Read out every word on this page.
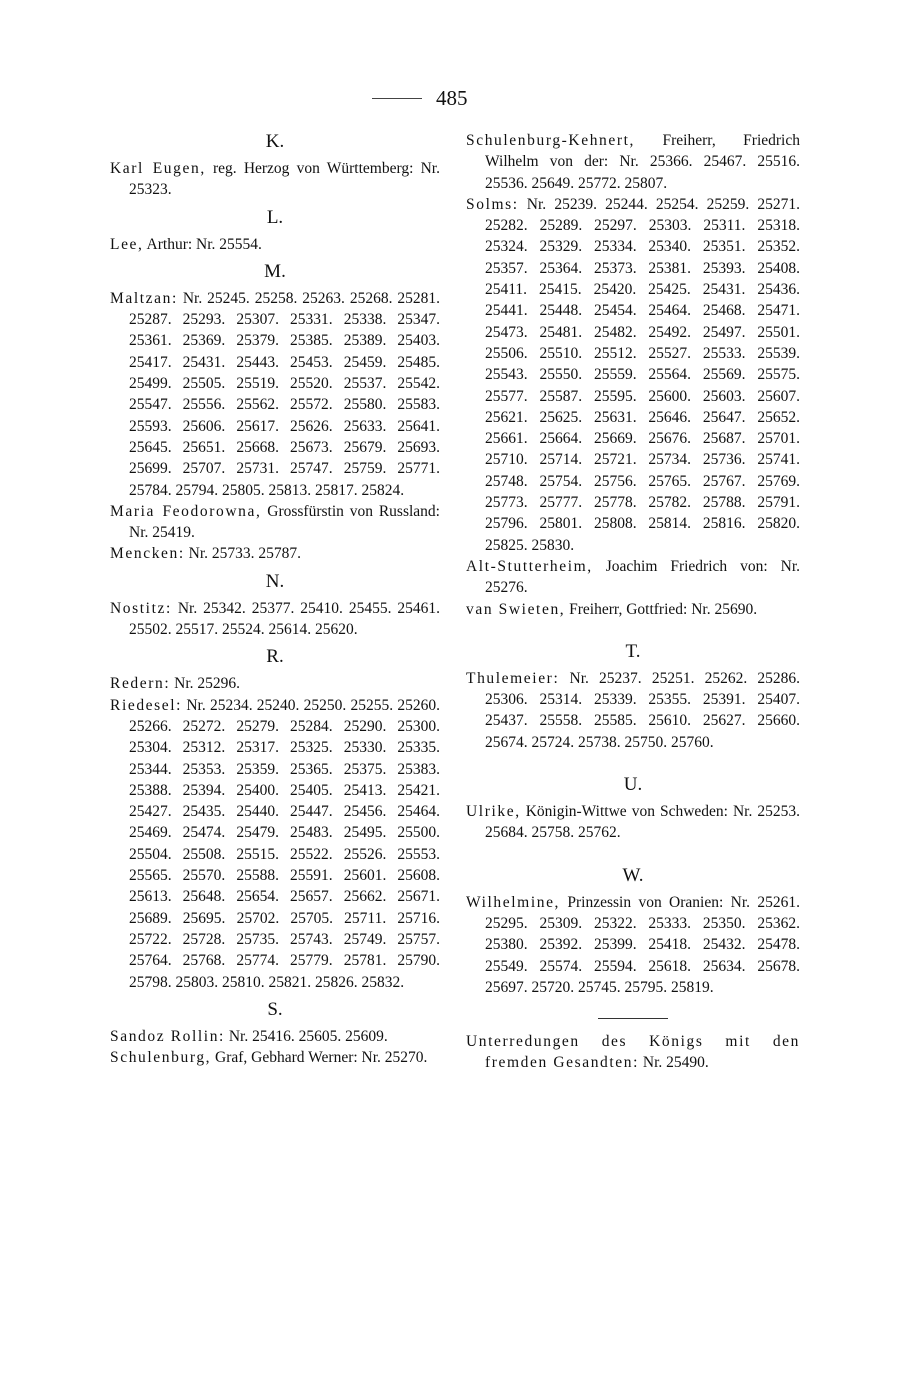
485
K.

Karl Eugen, reg. Herzog von Württemberg: Nr. 25323.

L.

Lee, Arthur: Nr. 25554.

M.

Maltzan: Nr. 25245. 25258. 25263. 25268. 25281. 25287. 25293. 25307. 25331. 25338. 25347. 25361. 25369. 25379. 25385. 25389. 25403. 25417. 25431. 25443. 25453. 25459. 25485. 25499. 25505. 25519. 25520. 25537. 25542. 25547. 25556. 25562. 25572. 25580. 25583. 25593. 25606. 25617. 25626. 25633. 25641. 25645. 25651. 25668. 25673. 25679. 25693. 25699. 25707. 25731. 25747. 25759. 25771. 25784. 25794. 25805. 25813. 25817. 25824.

Maria Feodorowna, Grossfürstin von Russland: Nr. 25419.

Mencken: Nr. 25733. 25787.

N.

Nostitz: Nr. 25342. 25377. 25410. 25455. 25461. 25502. 25517. 25524. 25614. 25620.

R.

Redern: Nr. 25296.

Riedesel: Nr. 25234. 25240. 25250. 25255. 25260. 25266. 25272. 25279. 25284. 25290. 25300. 25304. 25312. 25317. 25325. 25330. 25335. 25344. 25353. 25359. 25365. 25375. 25383. 25388. 25394. 25400. 25405. 25413. 25421. 25427. 25435. 25440. 25447. 25456. 25464. 25469. 25474. 25479. 25483. 25495. 25500. 25504. 25508. 25515. 25522. 25526. 25553. 25565. 25570. 25588. 25591. 25601. 25608. 25613. 25648. 25654. 25657. 25662. 25671. 25689. 25695. 25702. 25705. 25711. 25716. 25722. 25728. 25735. 25743. 25749. 25757. 25764. 25768. 25774. 25779. 25781. 25790. 25798. 25803. 25810. 25821. 25826. 25832.

S.

Sandoz Rollin: Nr. 25416. 25605. 25609.

Schulenburg, Graf, Gebhard Werner: Nr. 25270.

Schulenburg-Kehnert, Freiherr, Friedrich Wilhelm von der: Nr. 25366. 25467. 25516. 25536. 25649. 25772. 25807.

Solms: Nr. 25239. 25244. 25254. 25259. 25271. 25282. 25289. 25297. 25303. 25311. 25318. 25324. 25329. 25334. 25340. 25351. 25352. 25357. 25364. 25373. 25381. 25393. 25408. 25411. 25415. 25420. 25425. 25431. 25436. 25441. 25448. 25454. 25464. 25468. 25471. 25473. 25481. 25482. 25492. 25497. 25501. 25506. 25510. 25512. 25527. 25533. 25539. 25543. 25550. 25559. 25564. 25569. 25575. 25577. 25587. 25595. 25600. 25603. 25607. 25621. 25625. 25631. 25646. 25647. 25652. 25661. 25664. 25669. 25676. 25687. 25701. 25710. 25714. 25721. 25734. 25736. 25741. 25748. 25754. 25756. 25765. 25767. 25769. 25773. 25777. 25778. 25782. 25788. 25791. 25796. 25801. 25808. 25814. 25816. 25820. 25825. 25830.

Alt-Stutterheim, Joachim Friedrich von: Nr. 25276.

van Swieten, Freiherr, Gottfried: Nr. 25690.

T.

Thulemeier: Nr. 25237. 25251. 25262. 25286. 25306. 25314. 25339. 25355. 25391. 25407. 25437. 25558. 25585. 25610. 25627. 25660. 25674. 25724. 25738. 25750. 25760.

U.

Ulrike, Königin-Wittwe von Schweden: Nr. 25253. 25684. 25758. 25762.

W.

Wilhelmine, Prinzessin von Oranien: Nr. 25261. 25295. 25309. 25322. 25333. 25350. 25362. 25380. 25392. 25399. 25418. 25432. 25478. 25549. 25574. 25594. 25618. 25634. 25678. 25697. 25720. 25745. 25795. 25819.

Unterredungen des Königs mit den fremden Gesandten: Nr. 25490.
